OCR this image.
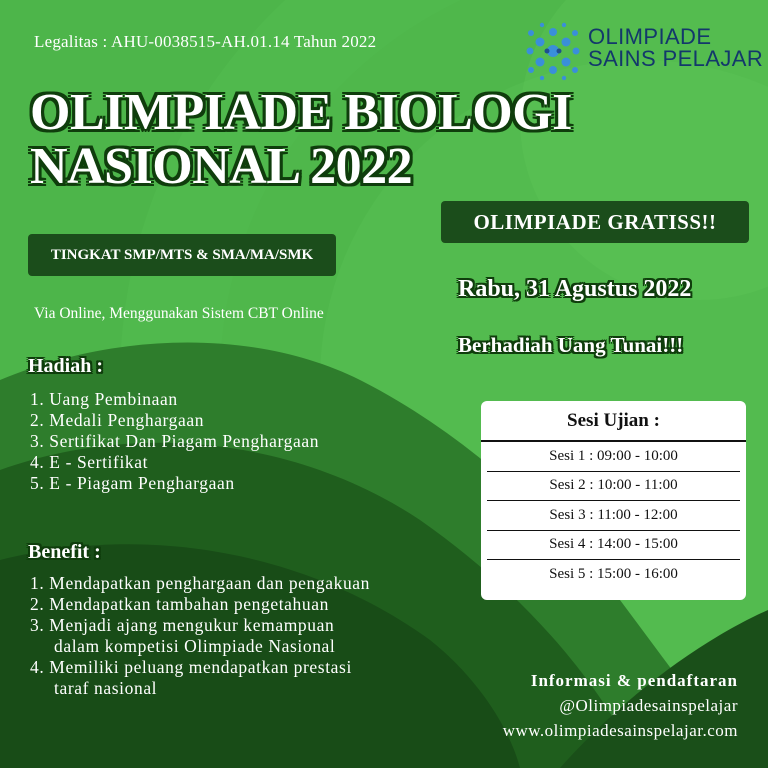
Legalitas : AHU-0038515-AH.01.14 Tahun 2022	OLIMPIADE
SAINS PELAJAR
OLIMPIADE BIOLOGI
NASIONAL 2022
OLIMPIADE GRATISS!!
TINGKAT SMP/MTS & SMA/MA/SMK
Via Online, Menggunakan Sistem CBT Online
Rabu, 31 Agustus 2022
Berhadiah Uang Tunai!!!
Hadiah :
1. Uang Pembinaan
2. Medali Penghargaan
3. Sertifikat Dan Piagam Penghargaan
4. E - Sertifikat
5. E - Piagam Penghargaan
Benefit :
1. Mendapatkan penghargaan dan pengakuan
2. Mendapatkan tambahan pengetahuan
3. Menjadi ajang mengukur kemampuan
dalam kompetisi Olimpiade Nasional
4. Memiliki peluang mendapatkan prestasi
taraf nasional
Sesi Ujian :
Sesi 1 : 09:00 - 10:00
Sesi 2 : 10:00 - 11:00
Sesi 3 : 11:00 - 12:00
Sesi 4 : 14:00 - 15:00
Sesi 5 : 15:00 - 16:00
Informasi & pendaftaran
@Olimpiadesainspelajar
www.olimpiadesainspelajar.com
